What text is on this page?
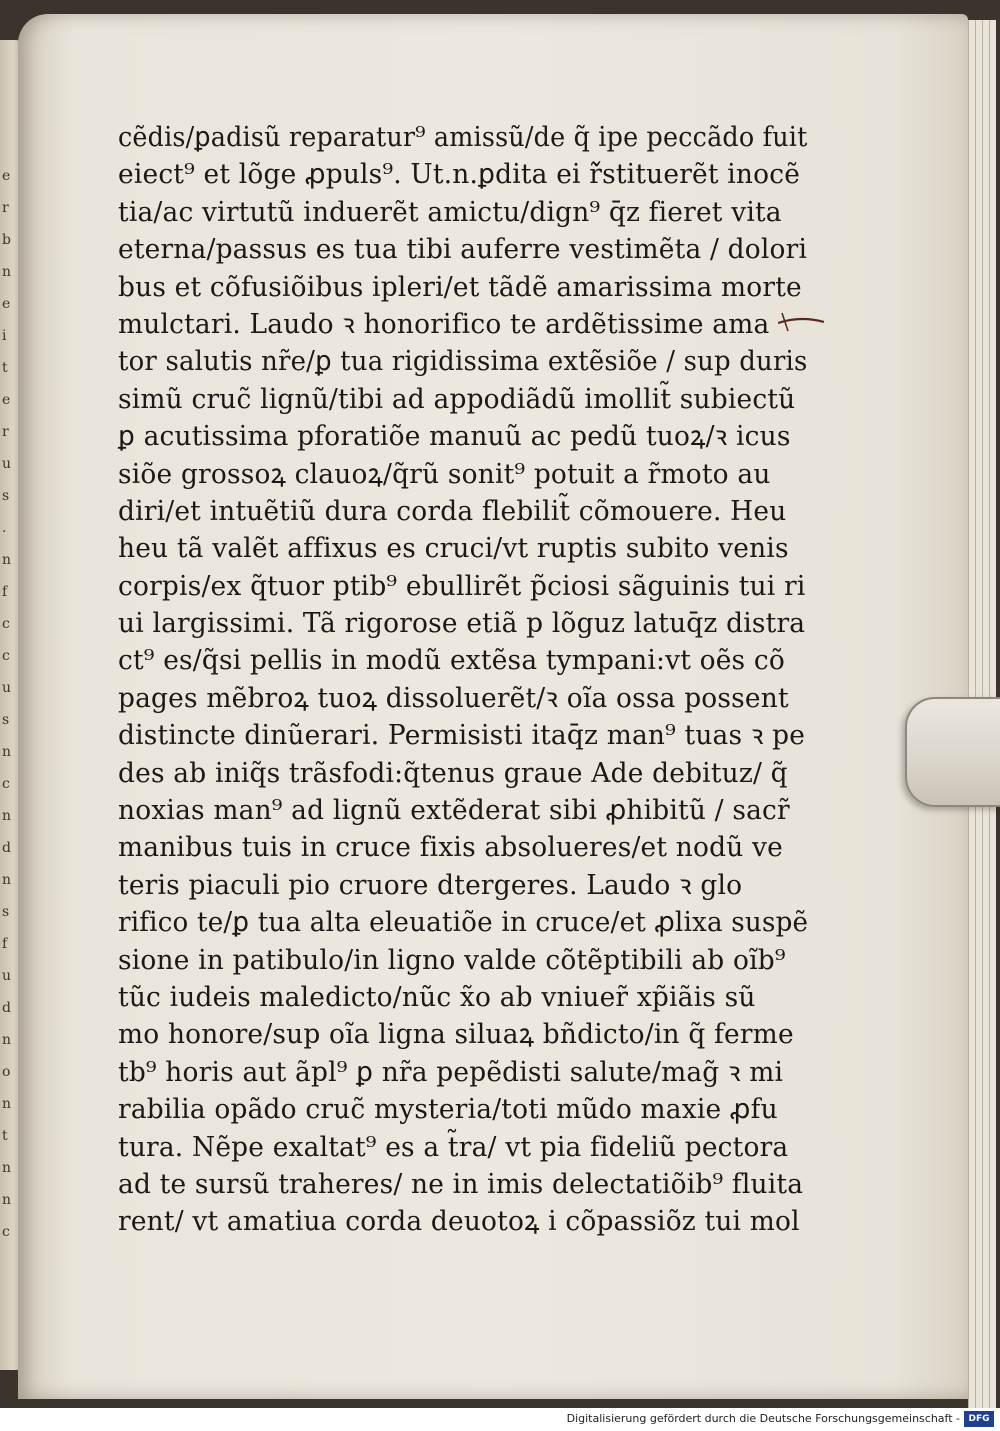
e
r
b
n
e
i
t
e
r
u
s
.
n
f
c
c
u
s
n
c
n
d
n
s
f
u
d
n
o
n
t
n
n
c
cẽdis/ꝑadisũ reparatur⁹ amissũ/de q̃ ipe peccãdo fuit
eiect⁹ et lõge ꝓpuls⁹. Ut.n.ꝑdita ei ř̃stituerẽt inocẽ
tia/ac virtutũ induerẽt amictu/dign⁹ q̄z fieret vita
eterna/passus es tua tibi auferre vestimẽta / dolori
bus et cõfusiõibus ipleri/et tãdẽ amarissima morte
mulctari. Laudo ꝛ honorifico te ardẽtissime ama
tor salutis nr̃e/ꝑ tua rigidissima extẽsiõe / sup duris
simũ cruc̃ lignũ/tibi ad appodiãdũ imollit̃ subiectũ
ꝑ acutissima pforatiõe manuũ ac pedũ tuoꝝ/ꝛ icus
siõe grossoꝝ clauoꝝ/q̃rũ sonit⁹ potuit a r̃moto au
diri/et intuẽtiũ dura corda flebilit̃ cõmouere. Heu
heu tã valẽt affixus es cruci/vt ruptis subito venis
corpis/ex q̃tuor ptib⁹ ebullirẽt p̃ciosi sãguinis tui ri
ui largissimi. Tã rigorose etiã p lõguz latuq̄z distra
ct⁹ es/q̃si pellis in modũ extẽsa tympani:vt oẽs cõ
pages mẽbroꝝ tuoꝝ dissoluerẽt/ꝛ oĩa ossa possent
distincte dinũerari. Permisisti itaq̄z man⁹ tuas ꝛ pe
des ab iniq̃s trãsfodi:q̃tenus graue Ade debituz/ q̃
noxias man⁹ ad lignũ extẽderat sibi ꝓhibitũ / sacr̃
manibus tuis in cruce fixis absolueres/et nodũ ve
teris piaculi pio cruore dtergeres. Laudo ꝛ glo
rifico te/ꝑ tua alta eleuatiõe in cruce/et ꝓlixa suspẽ
sione in patibulo/in ligno valde cõtẽptibili ab oĩb⁹
tũc iudeis maledicto/nũc x̃o ab vniuer̃ xp̃iãis sũ
mo honore/sup oĩa ligna siluaꝝ bñdicto/in q̃ ferme
tb⁹ horis aut ãpl⁹ ꝑ nr̃a pepẽdisti salute/mag̃ ꝛ mi
rabilia opãdo cruc̃ mysteria/toti mũdo maxie ꝓfu
tura. Nẽpe exaltat⁹ es a t̃ra/ vt pia fideliũ pectora
ad te sursũ traheres/ ne in imis delectatiõib⁹ fluita
rent/ vt amatiua corda deuotoꝝ i cõpassiõz tui mol
Digitalisierung gefördert durch die Deutsche Forschungsgemeinschaft - DFG
